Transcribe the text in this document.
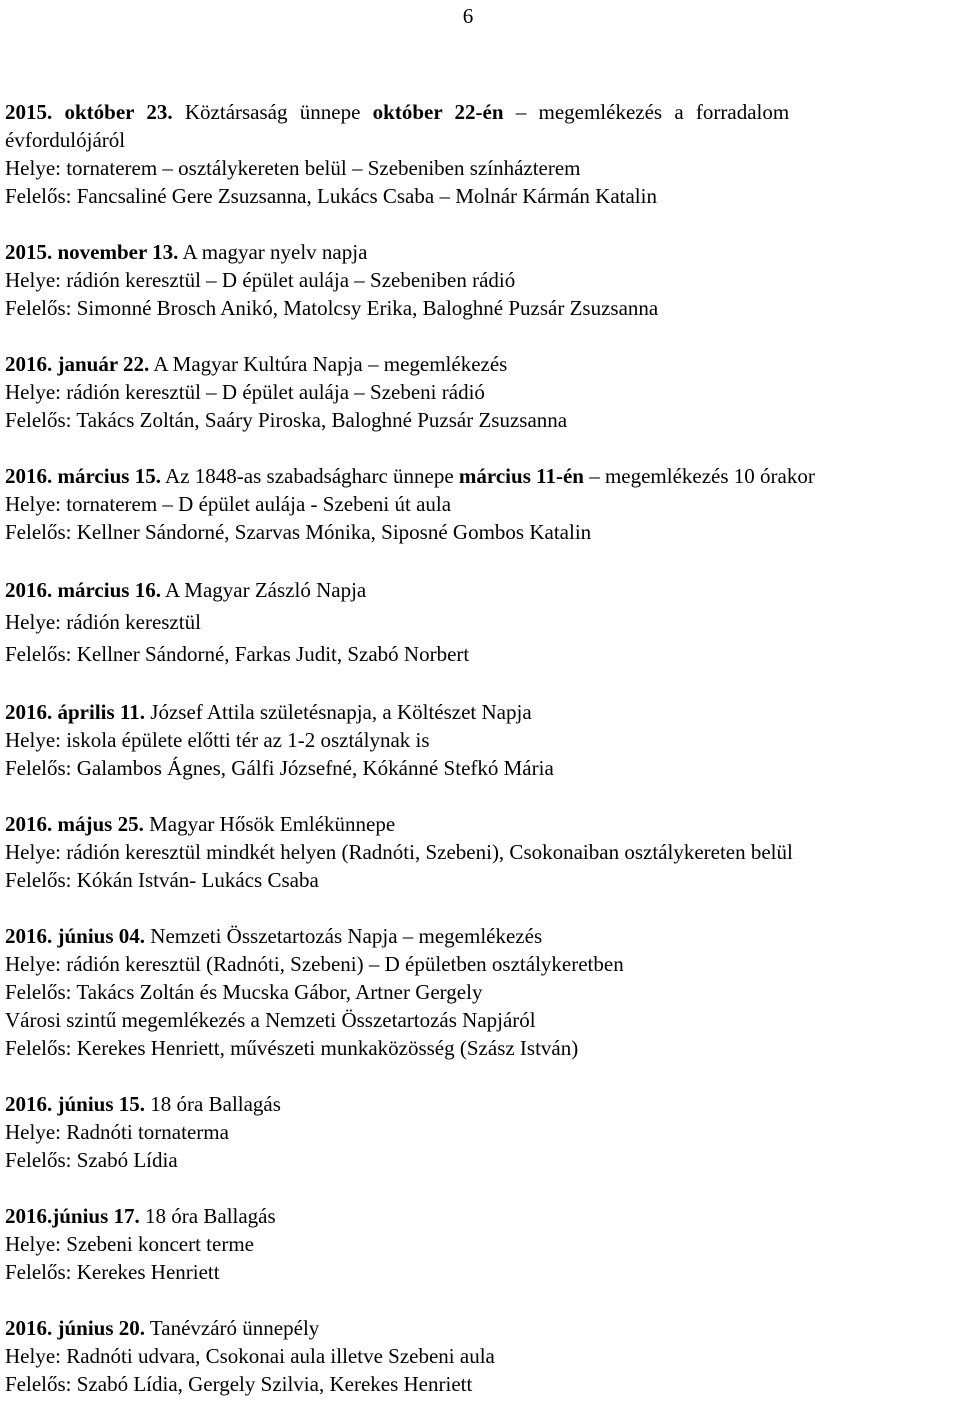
6
2015. október 23. Köztársaság ünnepe október 22-én – megemlékezés a forradalom
évfordulójáról
Helye: tornaterem – osztálykereten belül – Szebeniben színházterem
Felelős: Fancsaliné Gere Zsuzsanna, Lukács Csaba – Molnár Kármán Katalin
2015. november 13. A magyar nyelv napja
Helye: rádión keresztül – D épület aulája – Szebeniben rádió
Felelős: Simonné Brosch Anikó, Matolcsy Erika, Baloghné Puzsár Zsuzsanna
2016. január 22. A Magyar Kultúra Napja – megemlékezés
Helye: rádión keresztül – D épület aulája – Szebeni rádió
Felelős: Takács Zoltán, Saáry Piroska, Baloghné Puzsár Zsuzsanna
2016. március 15. Az 1848-as szabadságharc ünnepe március 11-én – megemlékezés 10 órakor
Helye: tornaterem – D épület aulája - Szebeni út aula
Felelős: Kellner Sándorné, Szarvas Mónika, Siposné Gombos Katalin
2016. március 16. A Magyar Zászló Napja
Helye: rádión keresztül
Felelős: Kellner Sándorné, Farkas Judit, Szabó Norbert
2016. április 11. József Attila születésnapja, a Költészet Napja
Helye: iskola épülete előtti tér az 1-2 osztálynak is
Felelős: Galambos Ágnes, Gálfi Józsefné, Kókánné Stefkó Mária
2016. május 25. Magyar Hősök Emlékünnepe
Helye: rádión keresztül mindkét helyen (Radnóti, Szebeni), Csokonaiban osztálykereten belül
Felelős: Kókán István- Lukács Csaba
2016. június 04. Nemzeti Összetartozás Napja – megemlékezés
Helye: rádión keresztül (Radnóti, Szebeni) – D épületben osztálykeretben
Felelős: Takács Zoltán és Mucska Gábor, Artner Gergely
Városi szintű megemlékezés a Nemzeti Összetartozás Napjáról
Felelős: Kerekes Henriett, művészeti munkaközösség (Szász István)
2016. június 15. 18 óra Ballagás
Helye: Radnóti tornaterma
Felelős: Szabó Lídia
2016.június 17. 18 óra Ballagás
Helye: Szebeni koncert terme
Felelős: Kerekes Henriett
2016. június 20. Tanévzáró ünnepély
Helye: Radnóti udvara, Csokonai aula illetve Szebeni aula
Felelős: Szabó Lídia, Gergely Szilvia, Kerekes Henriett
